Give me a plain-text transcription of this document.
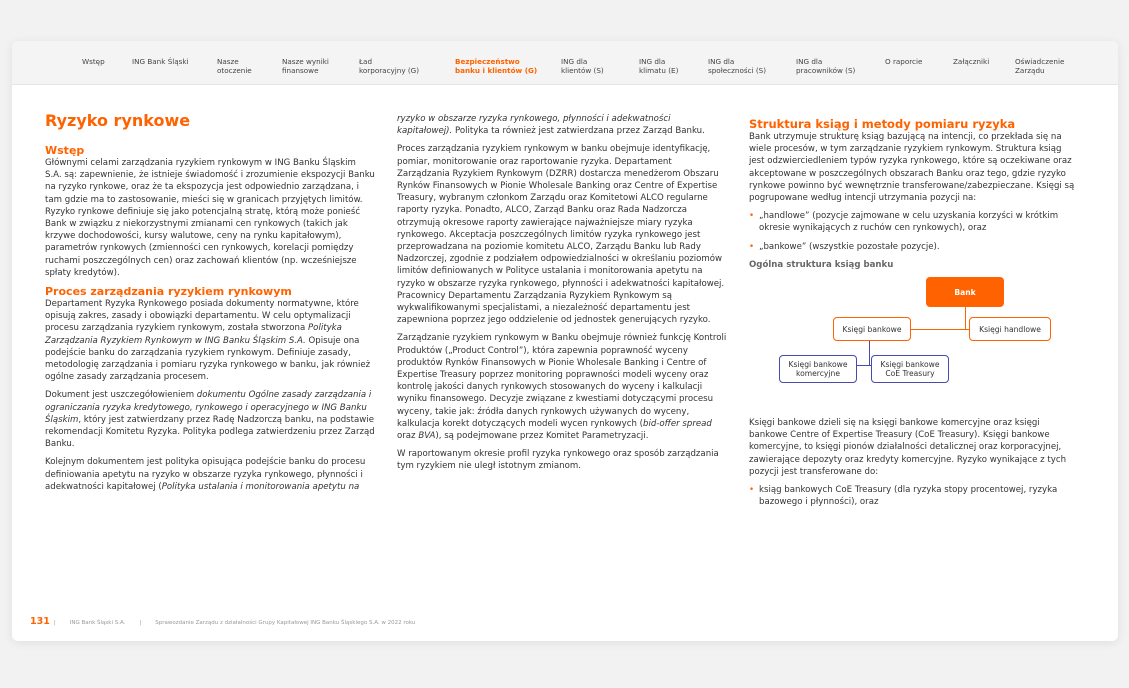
Wstęp	ING Bank Śląski	Nasze
otoczenie
Nasze wyniki
finansowe
Ład
korporacyjny (G)
Bezpieczeństwo
banku i klientów (G)
ING dla
klientów (S)
ING dla
klimatu (E)
ING dla
społeczności (S)
ING dla
pracowników (S)
O raporcie	Załączniki	Oświadczenie
Zarządu
Ryzyko rynkowe
Wstęp

Głównymi celami zarządzania ryzykiem rynkowym w ING Banku Śląskim S.A. są: zapewnienie, że istnieje świadomość i zrozumienie ekspozycji Banku na ryzyko rynkowe, oraz że ta ekspozycja jest odpowiednio zarządzana, i tam gdzie ma to zastosowanie, mieści się w granicach przyjętych limitów. Ryzyko rynkowe definiuje się jako potencjalną stratę, którą może ponieść Bank w związku z niekorzystnymi zmianami cen rynkowych (takich jak krzywe dochodowości, kursy walutowe, ceny na rynku kapitałowym), parametrów rynkowych (zmienności cen rynkowych, korelacji pomiędzy ruchami poszczególnych cen) oraz zachowań klientów (np. wcześniejsze spłaty kredytów).

Proces zarządzania ryzykiem rynkowym

Departament Ryzyka Rynkowego posiada dokumenty normatywne, które opisują zakres, zasady i obowiązki departamentu. W celu optymalizacji procesu zarządzania ryzykiem rynkowym, została stworzona Polityka Zarządzania Ryzykiem Rynkowym w ING Banku Śląskim S.A. Opisuje ona podejście banku do zarządzania ryzykiem rynkowym. Definiuje zasady, metodologię zarządzania i pomiaru ryzyka rynkowego w banku, jak również ogólne zasady zarządzania procesem.

Dokument jest uszczegółowieniem dokumentu Ogólne zasady zarządzania i ograniczania ryzyka kredytowego, rynkowego i operacyjnego w ING Banku Śląskim, który jest zatwierdzany przez Radę Nadzorczą banku, na podstawie rekomendacji Komitetu Ryzyka. Polityka podlega zatwierdzeniu przez Zarząd Banku.

Kolejnym dokumentem jest polityka opisująca podejście banku do procesu definiowania apetytu na ryzyko w obszarze ryzyka rynkowego, płynności i adekwatności kapitałowej (Polityka ustalania i monitorowania apetytu na

ryzyko w obszarze ryzyka rynkowego, płynności i adekwatności kapitałowej). Polityka ta również jest zatwierdzana przez Zarząd Banku.

Proces zarządzania ryzykiem rynkowym w banku obejmuje identyfikację, pomiar, monitorowanie oraz raportowanie ryzyka. Departament Zarządzania Ryzykiem Rynkowym (DZRR) dostarcza menedżerom Obszaru Rynków Finansowych w Pionie Wholesale Banking oraz Centre of Expertise Treasury, wybranym członkom Zarządu oraz Komitetowi ALCO regularne raporty ryzyka. Ponadto, ALCO, Zarząd Banku oraz Rada Nadzorcza otrzymują okresowe raporty zawierające najważniejsze miary ryzyka rynkowego. Akceptacja poszczególnych limitów ryzyka rynkowego jest przeprowadzana na poziomie komitetu ALCO, Zarządu Banku lub Rady Nadzorczej, zgodnie z podziałem odpowiedzialności w określaniu poziomów limitów definiowanych w Polityce ustalania i monitorowania apetytu na ryzyko w obszarze ryzyka rynkowego, płynności i adekwatności kapitałowej. Pracownicy Departamentu Zarządzania Ryzykiem Rynkowym są wykwalifikowanymi specjalistami, a niezależność departamentu jest zapewniona poprzez jego oddzielenie od jednostek generujących ryzyko.

Zarządzanie ryzykiem rynkowym w Banku obejmuje również funkcję Kontroli Produktów („Product Control”), która zapewnia poprawność wyceny produktów Rynków Finansowych w Pionie Wholesale Banking i Centre of Expertise Treasury poprzez monitoring poprawności modeli wyceny oraz kontrolę jakości danych rynkowych stosowanych do wyceny i kalkulacji wyniku finansowego. Decyzje związane z kwestiami dotyczącymi procesu wyceny, takie jak: źródła danych rynkowych używanych do wyceny, kalkulacja korekt dotyczących modeli wycen rynkowych (bid-offer spread oraz BVA), są podejmowane przez Komitet Parametryzacji.

W raportowanym okresie profil ryzyka rynkowego oraz sposób zarządzania tym ryzykiem nie uległ istotnym zmianom.

Struktura ksiąg i metody pomiaru ryzyka

Bank utrzymuje strukturę ksiąg bazującą na intencji, co przekłada się na wiele procesów, w tym zarządzanie ryzykiem rynkowym. Struktura ksiąg jest odzwierciedleniem typów ryzyka rynkowego, które są oczekiwane oraz akceptowane w poszczególnych obszarach Banku oraz tego, gdzie ryzyko rynkowe powinno być wewnętrznie transferowane/zabezpieczane. Księgi są pogrupowane według intencji utrzymania pozycji na:

• „handlowe” (pozycje zajmowane w celu uzyskania korzyści w krótkim okresie wynikających z ruchów cen rynkowych), oraz
• „bankowe” (wszystkie pozostałe pozycje).
Ogólna struktura ksiąg banku
Bank
Księgi bankowe	Księgi handlowe
Księgi bankowe
komercyjne
Księgi bankowe
CoE Treasury

Księgi bankowe dzieli się na księgi bankowe komercyjne oraz księgi bankowe Centre of Expertise Treasury (CoE Treasury). Księgi bankowe komercyjne, to księgi pionów działalności detalicznej oraz korporacyjnej, zawierające depozyty oraz kredyty komercyjne. Ryzyko wynikające z tych pozycji jest transferowane do:

• ksiąg bankowych CoE Treasury (dla ryzyka stopy procentowej, ryzyka bazowego i płynności), oraz
131 |	ING Bank Śląski S.A.	|	Sprawozdanie Zarządu z działalności Grupy Kapitałowej ING Banku Śląskiego S.A. w 2022 roku
